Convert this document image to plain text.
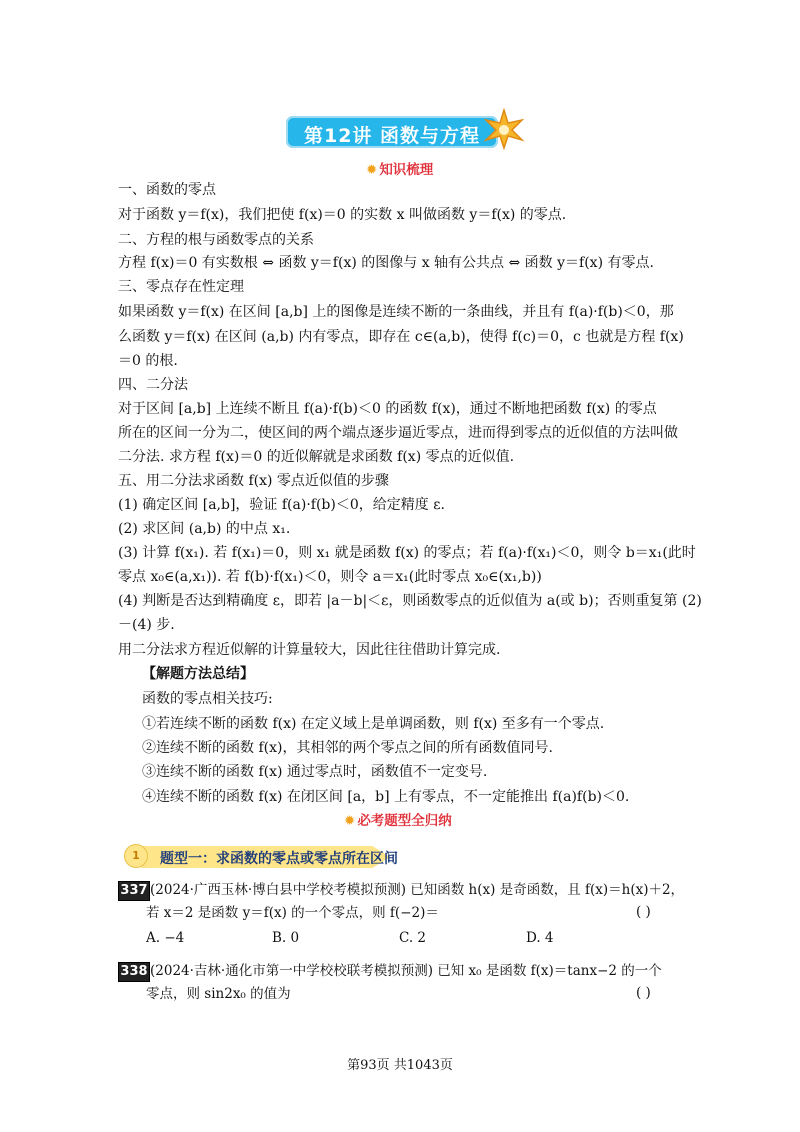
第12讲 函数与方程
✹ 知识梳理
一、函数的零点
对于函数 y＝f(x)，我们把使 f(x)＝0 的实数 x 叫做函数 y＝f(x) 的零点.
二、方程的根与函数零点的关系
方程 f(x)＝0 有实数根 ⇔ 函数 y＝f(x) 的图像与 x 轴有公共点 ⇔ 函数 y＝f(x) 有零点.
三、零点存在性定理
如果函数 y＝f(x) 在区间 [a,b] 上的图像是连续不断的一条曲线，并且有 f(a)·f(b)＜0，那
么函数 y＝f(x) 在区间 (a,b) 内有零点，即存在 c∈(a,b)，使得 f(c)＝0，c 也就是方程 f(x)
＝0 的根.
四、二分法
对于区间 [a,b] 上连续不断且 f(a)·f(b)＜0 的函数 f(x)，通过不断地把函数 f(x) 的零点
所在的区间一分为二，使区间的两个端点逐步逼近零点，进而得到零点的近似值的方法叫做
二分法. 求方程 f(x)＝0 的近似解就是求函数 f(x) 零点的近似值.
五、用二分法求函数 f(x) 零点近似值的步骤
(1) 确定区间 [a,b]，验证 f(a)·f(b)＜0，给定精度 ε.
(2) 求区间 (a,b) 的中点 x₁.
(3) 计算 f(x₁). 若 f(x₁)＝0，则 x₁ 就是函数 f(x) 的零点；若 f(a)·f(x₁)＜0，则令 b＝x₁(此时
零点 x₀∈(a,x₁)). 若 f(b)·f(x₁)＜0，则令 a＝x₁(此时零点 x₀∈(x₁,b))
(4) 判断是否达到精确度 ε，即若 |a－b|＜ε，则函数零点的近似值为 a(或 b)；否则重复第 (2)
－(4) 步.
用二分法求方程近似解的计算量较大，因此往往借助计算完成.
【解题方法总结】
函数的零点相关技巧:
①若连续不断的函数 f(x) 在定义域上是单调函数，则 f(x) 至多有一个零点.
②连续不断的函数 f(x)，其相邻的两个零点之间的所有函数值同号.
③连续不断的函数 f(x) 通过零点时，函数值不一定变号.
④连续不断的函数 f(x) 在闭区间 [a，b] 上有零点，不一定能推出 f(a)f(b)＜0.
✹ 必考题型全归纳
1	题型一：求函数的零点或零点所在区间
337 (2024·广西玉林·博白县中学校考模拟预测) 已知函数 h(x) 是奇函数，且 f(x)＝h(x)＋2，
若 x＝2 是函数 y＝f(x) 的一个零点，则 f(−2)＝	( )
A. −4	B. 0	C. 2	D. 4
338 (2024·吉林·通化市第一中学校校联考模拟预测) 已知 x₀ 是函数 f(x)＝tanx−2 的一个
零点，则 sin2x₀ 的值为	( )
第93页 共1043页
